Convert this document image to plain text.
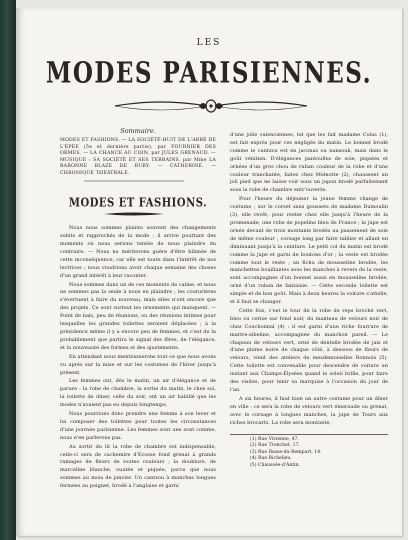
LES
MODES PARISIENNES.
Sommaire.

MODES ET FASHIONS. — LA SOCIÉTÉ-HUIT DE L'ABBÉ DE L'ÉPÉE (5e et dernière partie), par FOURNIER DES ORMES. — LA CHANCE AU COIN, par JULES GRENAUD. — MUSIQUE : SA SOCIÉTÉ ET SES TERRAINS, par Mme LA BARONNE BLAZE DE BURY. — CATHERINE. — CHRONIQUE THÉÂTRALE.

MODES ET FASHIONS.

Nous nous sommes plainte souvent des changements subits et rapprochés de la mode ; il arrive pourtant des moments où nous serions tentée de nous plaindre du contraire. — Nous ne mériterons guère d'être blâmée de cette inconséquence, car elle est toute dans l'intérêt de nos lectrices ; nous voudrions avoir chaque semaine des choses d'un grand intérêt à leur raconter.

Nous sommes dans un de ces moments de calme, et nous ne sommes pas la seule à nous en plaindre ; les couturières s'évertuent à faire du nouveau, mais elles n'ont encore que des projets. Ce sont surtout les ornements qui manquent. — Point de bals, peu de réunions, ou des réunions intimes pour lesquelles les grandes toilettes seraient déplacées ; à la présidence même il y a encore peu de femmes, et c'est de la probablement que partira le signal des fêtes, de l'élégance, et la nouveauté des formes et des ajustements.

En attendant nous mentionnerons tout ce que nous avons vu après sur la mise et sur les costumes de l'hiver jusqu'à présent.

Les femmes ont, dès le matin, un air d'élégance et de parure : la robe de chambre, la sortie du matin, le chez soi, la toilette de diner, celle du soir, ont un air habillé que les modes n'avaient pas eu depuis longtemps.

Nous pourrions donc prendre une femme à son lever et lui composer des toilettes pour toutes les circonstances d'une journée parisienne. Les femmes sont une sont comme, nous n'en parlerons pas.

Au sortir du lit la robe de chambre est indispensable, celle-ci sera de cachemire d'Écosse fond grenat à grands ramages de fleurs de toutes couleurs ; la doublure, de marceline blanche, ouatée et piquée, parce que nous sommes au mois de janvier. Un cantzou à manches longues fermées au poignet, brodé à l'anglaise et garni

d'une jolie valenciennes, tel que les fait madame Colas (1), est fait exprès pour ces négligés du matin. Le bonnet brodé comme le cantzou est en jaconas ou nansouk, mais dans le goût vénitien. D'élégances pantoufles de soie, piquées et ornées d'un gros chou de ruban couleur de la robe et d'une couleur tranchante, faites chez Melnotte (2), chaussent un joli pied que ne laisse voir sous un jupon brodé parfaitement sous la robe de chambre entr'ouverte.

Pour l'heure du déjeuner la jeune femme change de costume ; sur le corset sans goussets de madame Dumoulin (3), elle revêt, pour rester chez elle jusqu'à l'heure de la promenade, une robe de popeline bleu de France ; la jupe est ornée devant de trois montants brodés au passement de soie de même couleur ; corsage long par faire tablier et allant en diminuant jusqu'à la ceinture. Le petit col du matin est brodé comme la jupe et garni de boutons d'or ; la veste est brodée comme tout le reste ; un fichu de mousseline brodée, les manchettes bouillantes sous les manches à revers de la veste, sont accompagnés d'un bonnet aussi en mousseline brodée, orné d'un ruban de fantaisie. — Cette seconde toilette est simple et de bon goût. Mais à deux heures la voiture s'attelle, et il faut se changer.

Cette fois, c'est le tour de la robe de reps broché vert, bleu ou cerise sur fond noir, du manteau de velours noir de chez Couchonnal (4) : il est garni d'une riche fourrure de martre-zibeline, accompagnée du manchon pareil. — Le chapeau de velours vert, orné de dentelle brodée de jais et d'une plume noire de chaque côté, à dessous de fleurs de velours, vient des ateliers de mesdemoiselles Ronnois (5). Cette toilette est convenable pour descendre de voiture un instant aux Champs-Élysées quand le soleil brille, pour faire des visites, pour tenir sa marquise à l'occasion du jour de l'an.

A six heures, il faut bien un autre costume pour un dîner en ville : ce sera la robe de velours vert émeraude ou grenat, avec le corsage à longues manches, la jupe de Tours aux riches brocarts. La robe sera montante,

(1) Rue Vivienne, 47.
(2) Rue Tronchet, 17.
(3) Rue Basse-du-Rempart, 14.
(4) Rue Richelieu.
(5) Chaussée-d'Antin.
